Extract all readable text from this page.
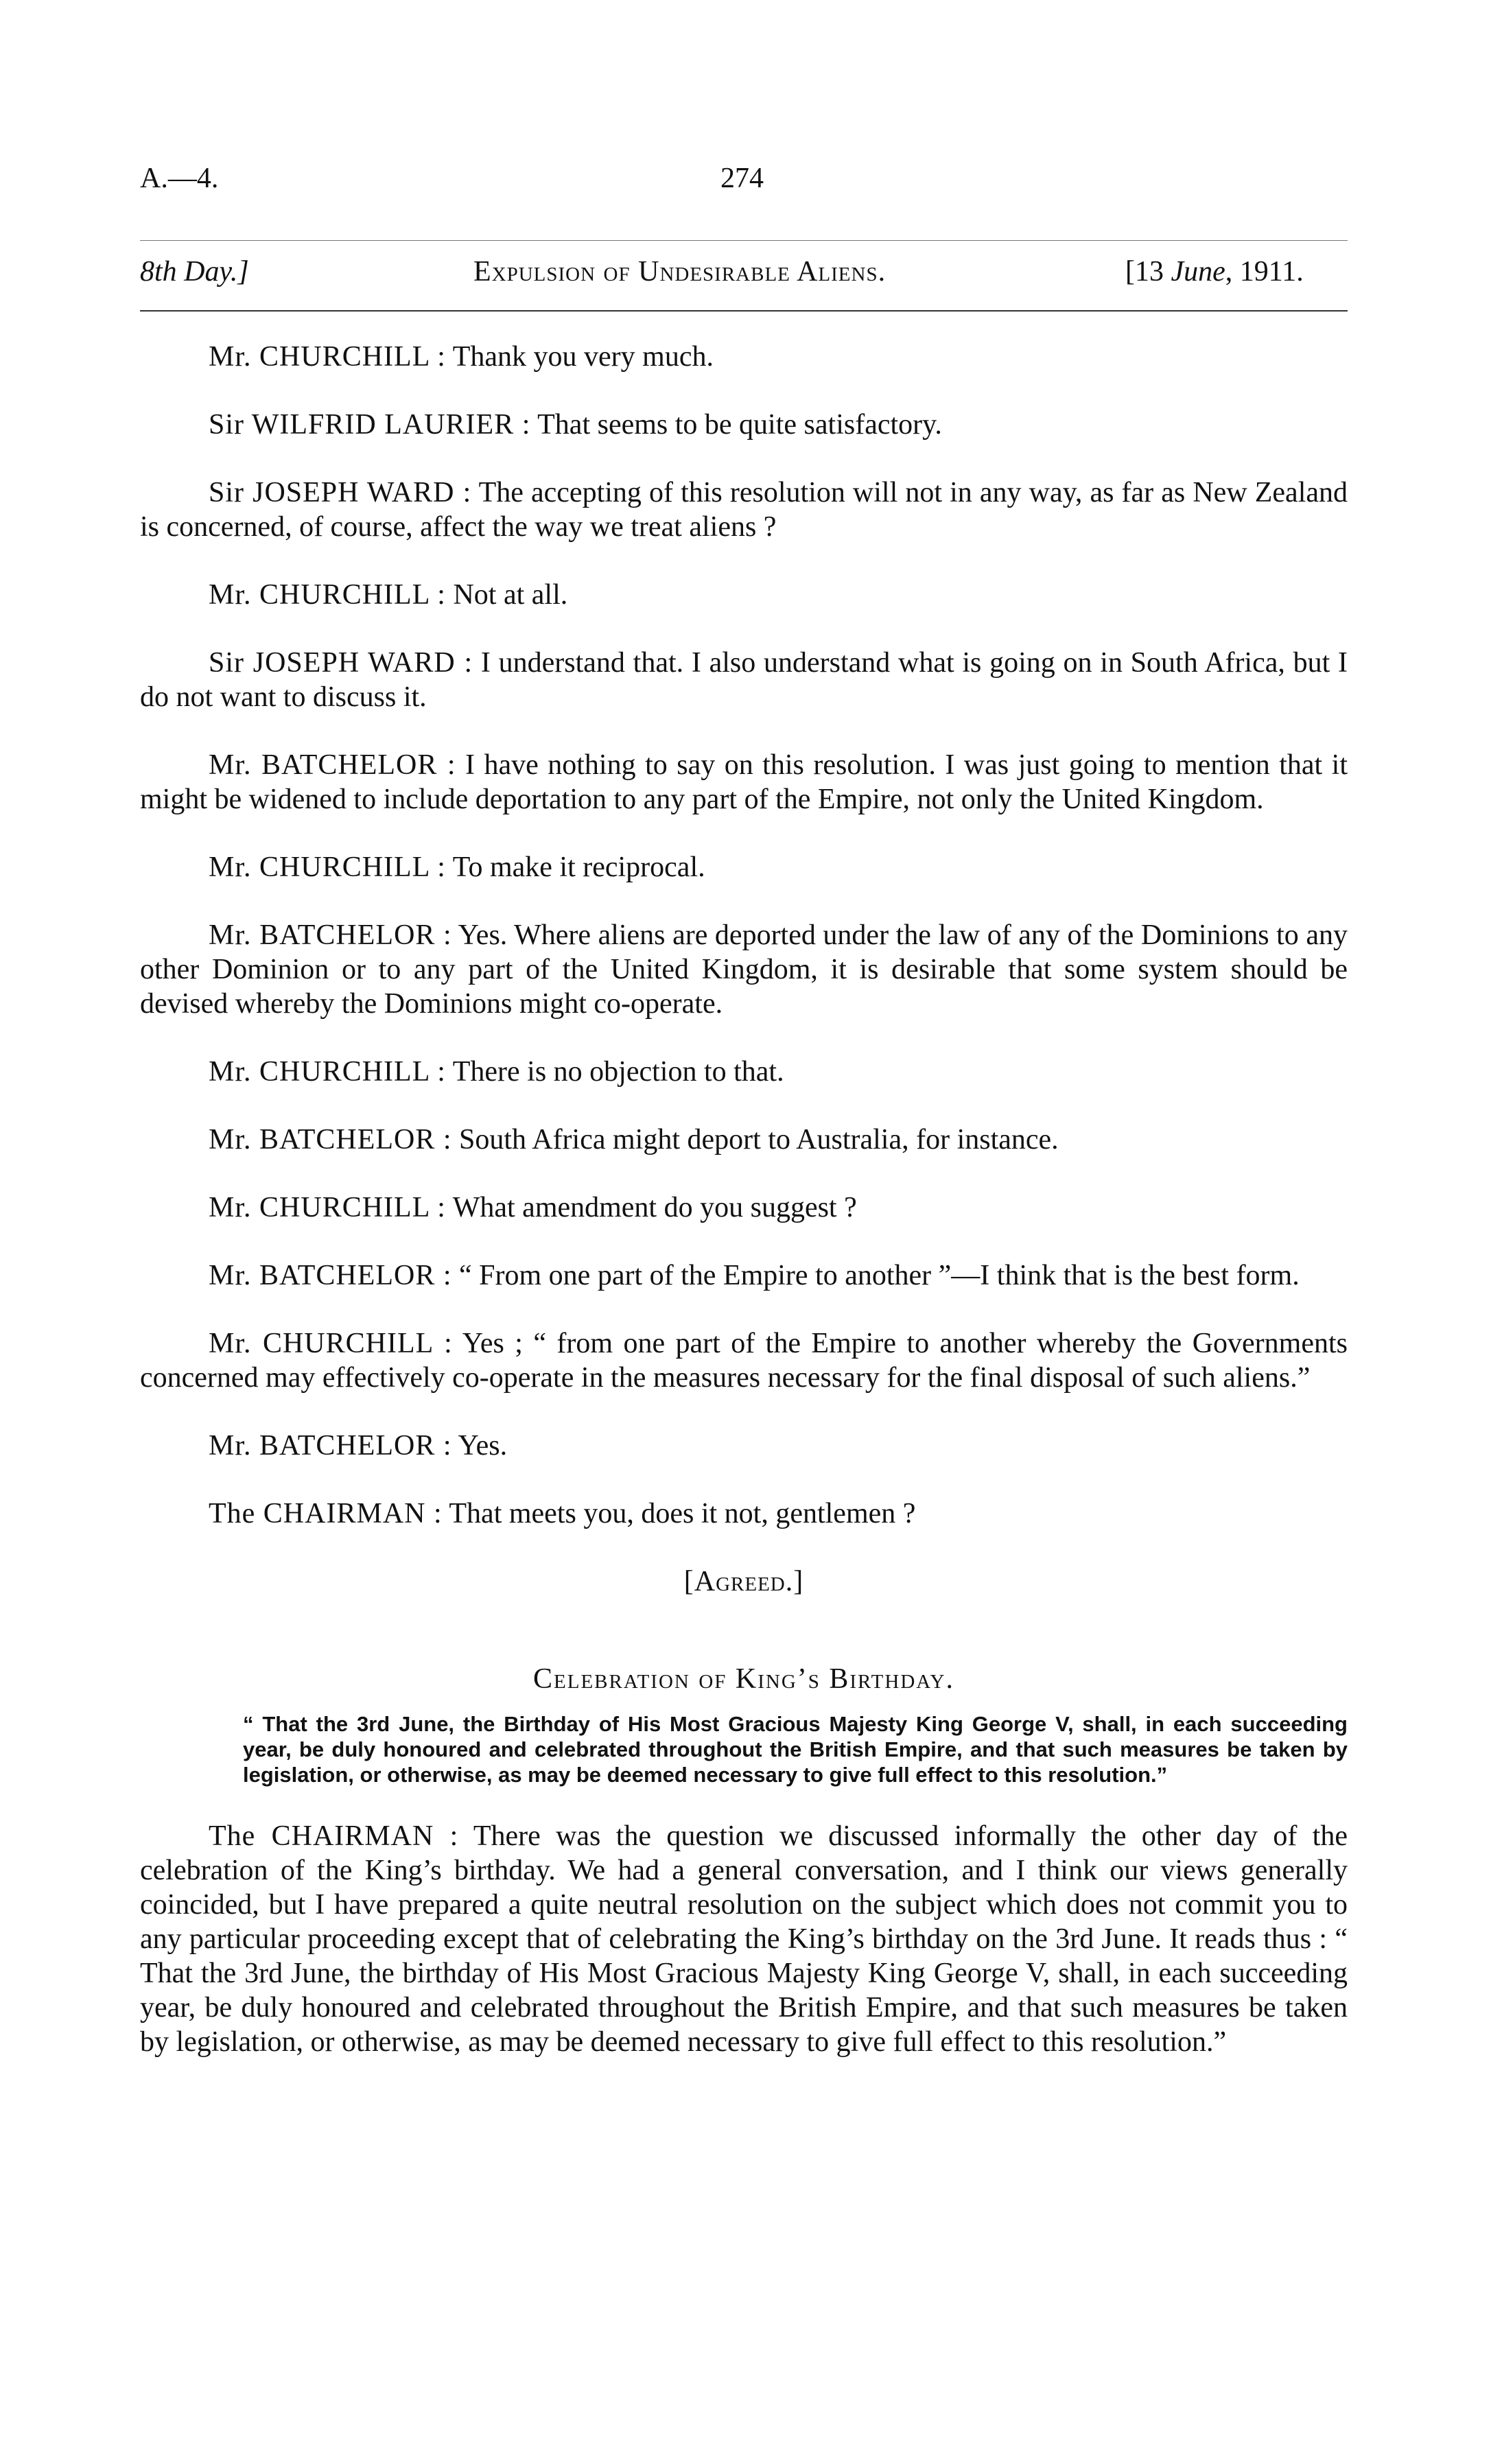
A.—4.	274
8th Day.]	Expulsion of Undesirable Aliens.	[13 June, 1911.

Mr. CHURCHILL : Thank you very much.

Sir WILFRID LAURIER : That seems to be quite satisfactory.

Sir JOSEPH WARD : The accepting of this resolution will not in any way, as far as New Zealand is concerned, of course, affect the way we treat aliens ?

Mr. CHURCHILL : Not at all.

Sir JOSEPH WARD : I understand that. I also understand what is going on in South Africa, but I do not want to discuss it.

Mr. BATCHELOR : I have nothing to say on this resolution. I was just going to mention that it might be widened to include deportation to any part of the Empire, not only the United Kingdom.

Mr. CHURCHILL : To make it reciprocal.

Mr. BATCHELOR : Yes. Where aliens are deported under the law of any of the Dominions to any other Dominion or to any part of the United Kingdom, it is desirable that some system should be devised whereby the Dominions might co-operate.

Mr. CHURCHILL : There is no objection to that.

Mr. BATCHELOR : South Africa might deport to Australia, for instance.

Mr. CHURCHILL : What amendment do you suggest ?

Mr. BATCHELOR : “ From one part of the Empire to another ”—I think that is the best form.

Mr. CHURCHILL : Yes ; “ from one part of the Empire to another whereby the Governments concerned may effectively co-operate in the measures necessary for the final disposal of such aliens.”

Mr. BATCHELOR : Yes.

The CHAIRMAN : That meets you, does it not, gentlemen ?

[Agreed.]

Celebration of King’s Birthday.

“ That the 3rd June, the Birthday of His Most Gracious Majesty King George V, shall, in each succeeding year, be duly honoured and celebrated throughout the British Empire, and that such measures be taken by legislation, or otherwise, as may be deemed necessary to give full effect to this resolution.”

The CHAIRMAN : There was the question we discussed informally the other day of the celebration of the King’s birthday. We had a general conversation, and I think our views generally coincided, but I have prepared a quite neutral resolution on the subject which does not commit you to any particular proceeding except that of celebrating the King’s birthday on the 3rd June. It reads thus : “ That the 3rd June, the birthday of His Most Gracious Majesty King George V, shall, in each succeeding year, be duly honoured and celebrated throughout the British Empire, and that such measures be taken by legislation, or otherwise, as may be deemed necessary to give full effect to this resolution.”
